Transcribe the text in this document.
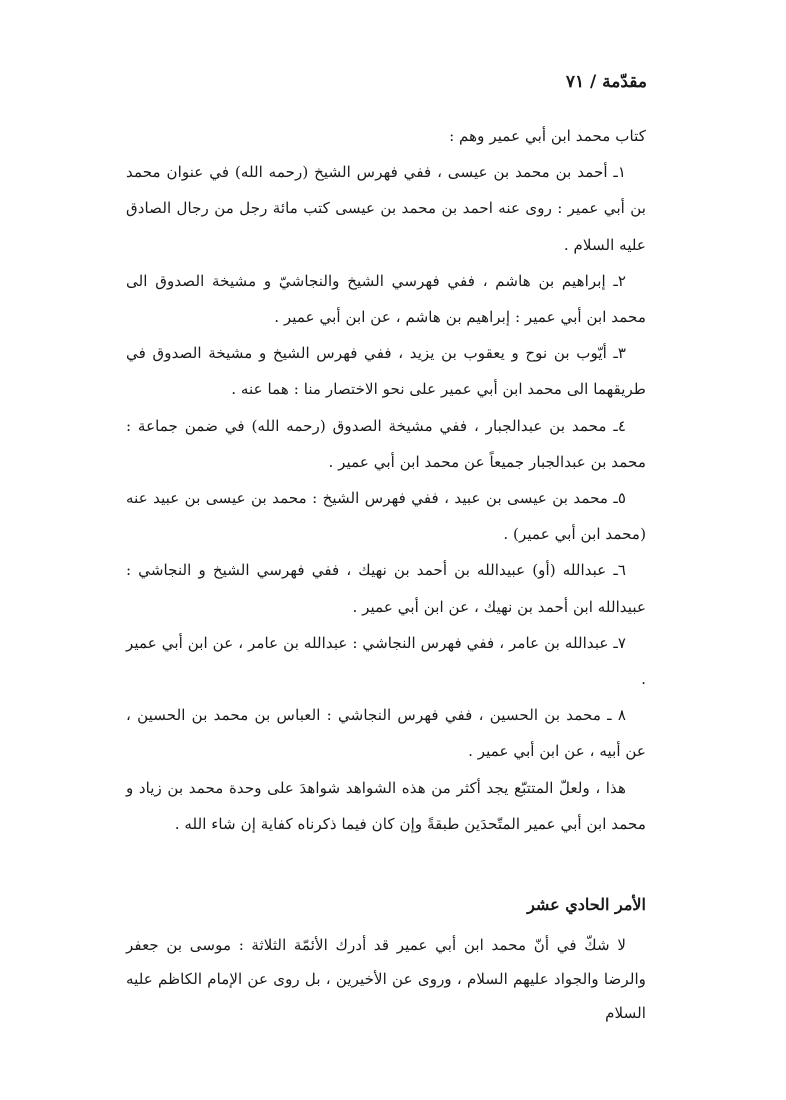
مقدّمة / ٧١

كتاب محمد ابن أبي عمير وهم :

١ـ أحمد بن محمد بن عيسى ، ففي فهرس الشيخ (رحمه الله) في عنوان محمد بن أبي عمير : روى عنه احمد بن محمد بن عيسى كتب مائة رجل من رجال الصادق عليه السلام .

٢ـ إبراهيم بن هاشم ، ففي فهرسي الشيخ والنجاشيّ و مشيخة الصدوق الى محمد ابن أبي عمير : إبراهيم بن هاشم ، عن ابن أبي عمير .

٣ـ أيّوب بن نوح و يعقوب بن يزيد ، ففي فهرس الشيخ و مشيخة الصدوق في طريقهما الى محمد ابن أبي عمير على نحو الاختصار منا : هما عنه .

٤ـ محمد بن عبدالجبار ، ففي مشيخة الصدوق (رحمه الله) في ضمن جماعة : محمد بن عبدالجبار جميعاً عن محمد ابن أبي عمير .

٥ـ محمد بن عيسى بن عبيد ، ففي فهرس الشيخ : محمد بن عيسى بن عبيد عنه (محمد ابن أبي عمير) .

٦ـ عبدالله (أو) عبيدالله بن أحمد بن نهيك ، ففي فهرسي الشيخ و النجاشي : عبيدالله ابن أحمد بن نهيك ، عن ابن أبي عمير .

٧ـ عبدالله بن عامر ، ففي فهرس النجاشي : عبدالله بن عامر ، عن ابن أبي عمير .

٨ ـ محمد بن الحسين ، ففي فهرس النجاشي : العباس بن محمد بن الحسين ، عن أبيه ، عن ابن أبي عمير .

هذا ، ولعلّ المتتبّع يجد أكثر من هذه الشواهد شواهدَ على وحدة محمد بن زياد و محمد ابن أبي عمير المتّحدَين طبقةً وإن كان فيما ذكرناه كفاية إن شاء الله .

الأمر الحادي عشر

لا شكّ في أنّ محمد ابن أبي عمير قد أدرك الأئمّة الثلاثة : موسى بن جعفر والرضا والجواد عليهم السلام ، وروى عن الأخيرين ، بل روى عن الإمام الكاظم عليه السلام
